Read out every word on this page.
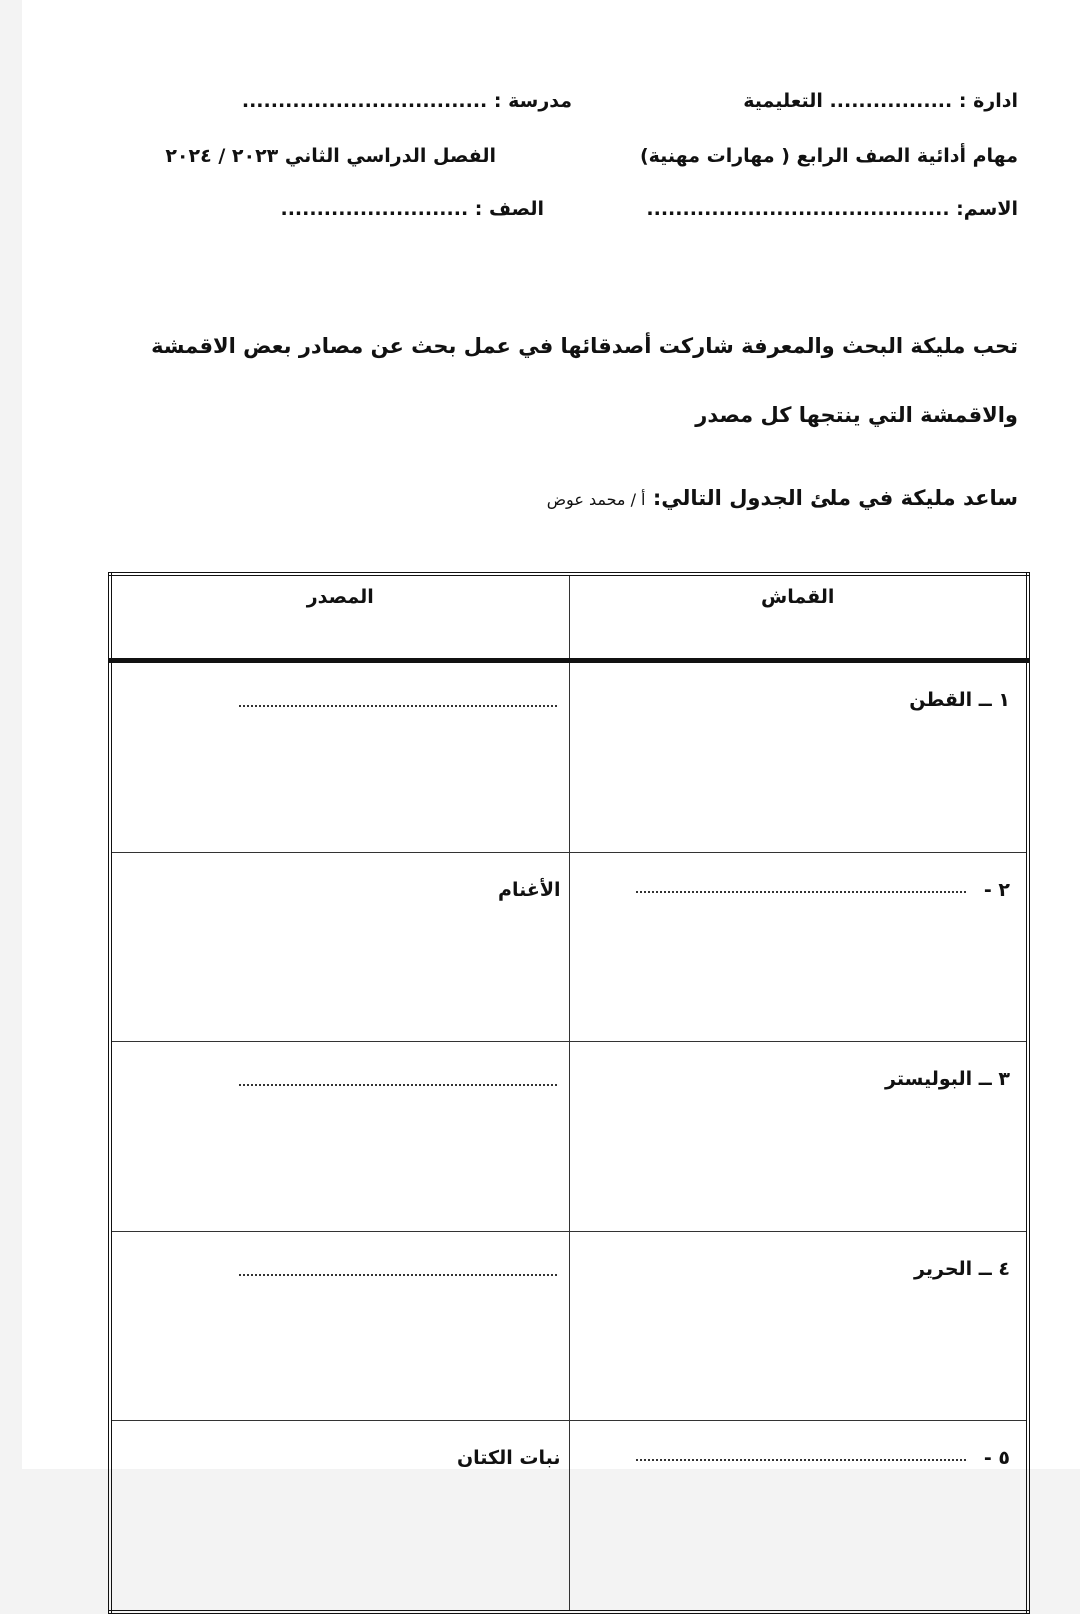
ادارة : ................. التعليمية
مدرسة : ..................................
مهام أدائية الصف الرابع ( مهارات مهنية)
الفصل الدراسي الثاني ٢٠٢٣ / ٢٠٢٤
الاسم: ..........................................
الصف : ..........................
تحب مليكة البحث والمعرفة شاركت أصدقائها في عمل بحث عن مصادر بعض الاقمشة
والاقمشة التي ينتجها كل مصدر
ساعد مليكة في ملئ الجدول التالي: أ / محمد عوض
القماش	المصدر

١ ــ القطن	

٢ -	الأغنام

٣ ــ البوليستر	

٤ ــ الحرير	

٥ -	نبات الكتان
